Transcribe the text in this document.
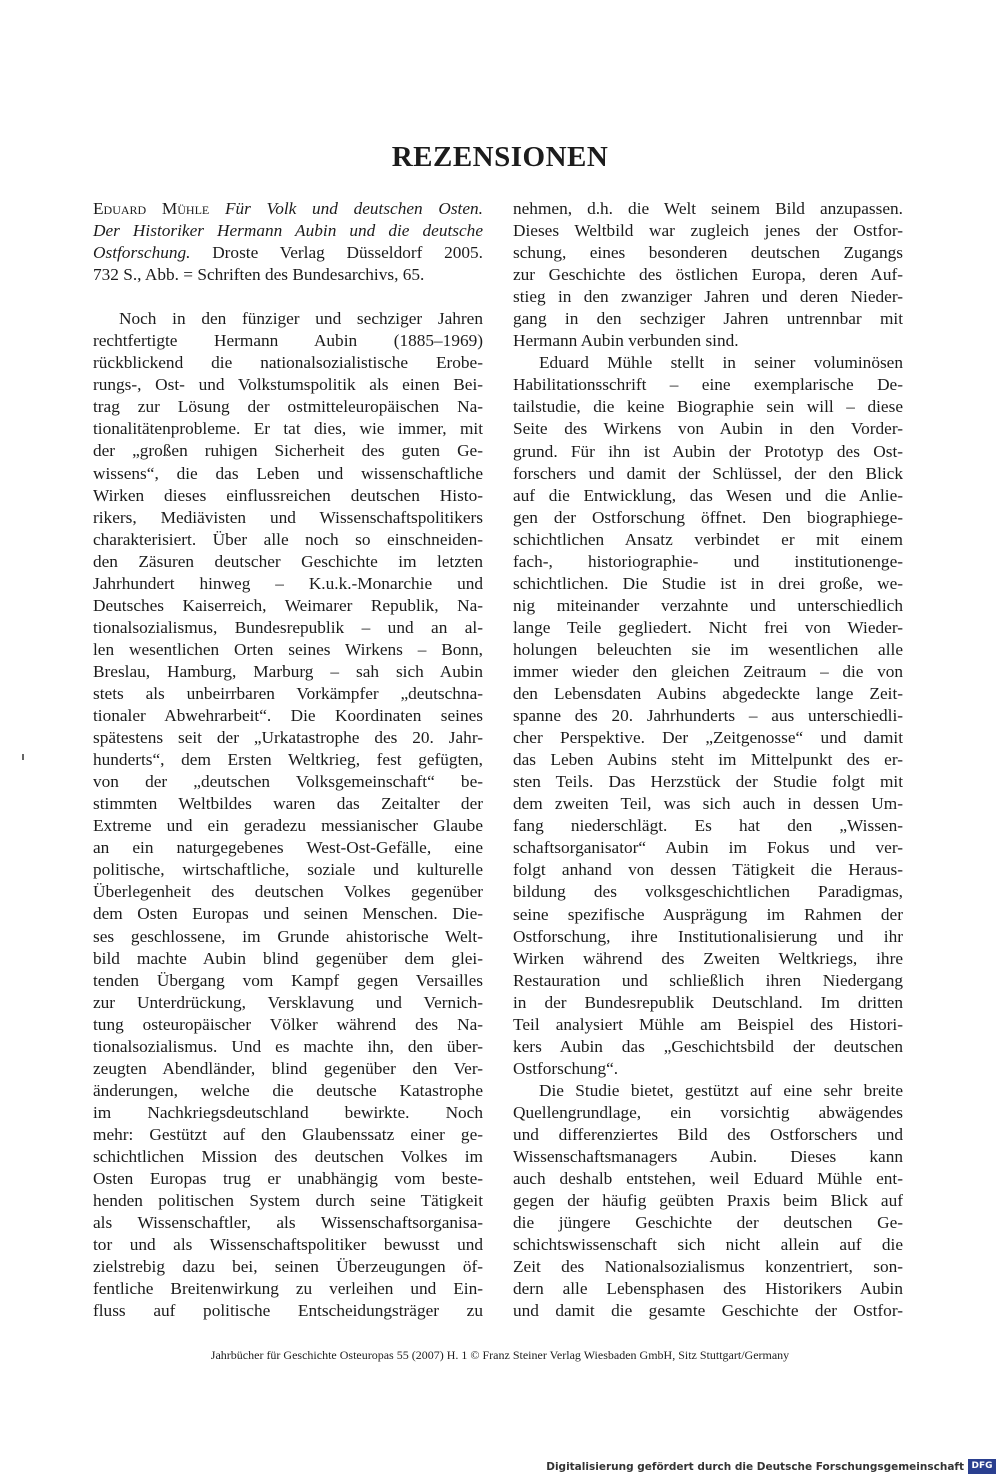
REZENSIONEN
Eduard Mühle Für Volk und deutschen Osten.
Der Historiker Hermann Aubin und die deutsche
Ostforschung. Droste Verlag Düsseldorf 2005.
732 S., Abb. = Schriften des Bundesarchivs, 65.
Noch in den fünziger und sechziger Jahren
rechtfertigte Hermann Aubin (1885–1969)
rückblickend die nationalsozialistische Erobe-
rungs-, Ost- und Volkstumspolitik als einen Bei-
trag zur Lösung der ostmitteleuropäischen Na-
tionalitätenprobleme. Er tat dies, wie immer, mit
der „großen ruhigen Sicherheit des guten Ge-
wissens“, die das Leben und wissenschaftliche
Wirken dieses einflussreichen deutschen Histo-
rikers, Mediävisten und Wissenschaftspolitikers
charakterisiert. Über alle noch so einschneiden-
den Zäsuren deutscher Geschichte im letzten
Jahrhundert hinweg – K.u.k.-Monarchie und
Deutsches Kaiserreich, Weimarer Republik, Na-
tionalsozialismus, Bundesrepublik – und an al-
len wesentlichen Orten seines Wirkens – Bonn,
Breslau, Hamburg, Marburg – sah sich Aubin
stets als unbeirrbaren Vorkämpfer „deutschna-
tionaler Abwehrarbeit“. Die Koordinaten seines
spätestens seit der „Urkatastrophe des 20. Jahr-
hunderts“, dem Ersten Weltkrieg, fest gefügten,
von der „deutschen Volksgemeinschaft“ be-
stimmten Weltbildes waren das Zeitalter der
Extreme und ein geradezu messianischer Glaube
an ein naturgegebenes West-Ost-Gefälle, eine
politische, wirtschaftliche, soziale und kulturelle
Überlegenheit des deutschen Volkes gegenüber
dem Osten Europas und seinen Menschen. Die-
ses geschlossene, im Grunde ahistorische Welt-
bild machte Aubin blind gegenüber dem glei-
tenden Übergang vom Kampf gegen Versailles
zur Unterdrückung, Versklavung und Vernich-
tung osteuropäischer Völker während des Na-
tionalsozialismus. Und es machte ihn, den über-
zeugten Abendländer, blind gegenüber den Ver-
änderungen, welche die deutsche Katastrophe
im Nachkriegsdeutschland bewirkte. Noch
mehr: Gestützt auf den Glaubenssatz einer ge-
schichtlichen Mission des deutschen Volkes im
Osten Europas trug er unabhängig vom beste-
henden politischen System durch seine Tätigkeit
als Wissenschaftler, als Wissenschaftsorganisa-
tor und als Wissenschaftspolitiker bewusst und
zielstrebig dazu bei, seinen Überzeugungen öf-
fentliche Breitenwirkung zu verleihen und Ein-
fluss auf politische Entscheidungsträger zu
nehmen, d.h. die Welt seinem Bild anzupassen.
Dieses Weltbild war zugleich jenes der Ostfor-
schung, eines besonderen deutschen Zugangs
zur Geschichte des östlichen Europa, deren Auf-
stieg in den zwanziger Jahren und deren Nieder-
gang in den sechziger Jahren untrennbar mit
Hermann Aubin verbunden sind.
Eduard Mühle stellt in seiner voluminösen
Habilitationsschrift – eine exemplarische De-
tailstudie, die keine Biographie sein will – diese
Seite des Wirkens von Aubin in den Vorder-
grund. Für ihn ist Aubin der Prototyp des Ost-
forschers und damit der Schlüssel, der den Blick
auf die Entwicklung, das Wesen und die Anlie-
gen der Ostforschung öffnet. Den biographiege-
schichtlichen Ansatz verbindet er mit einem
fach-, historiographie- und institutionenge-
schichtlichen. Die Studie ist in drei große, we-
nig miteinander verzahnte und unterschiedlich
lange Teile gegliedert. Nicht frei von Wieder-
holungen beleuchten sie im wesentlichen alle
immer wieder den gleichen Zeitraum – die von
den Lebensdaten Aubins abgedeckte lange Zeit-
spanne des 20. Jahrhunderts – aus unterschiedli-
cher Perspektive. Der „Zeitgenosse“ und damit
das Leben Aubins steht im Mittelpunkt des er-
sten Teils. Das Herzstück der Studie folgt mit
dem zweiten Teil, was sich auch in dessen Um-
fang niederschlägt. Es hat den „Wissen-
schaftsorganisator“ Aubin im Fokus und ver-
folgt anhand von dessen Tätigkeit die Heraus-
bildung des volksgeschichtlichen Paradigmas,
seine spezifische Ausprägung im Rahmen der
Ostforschung, ihre Institutionalisierung und ihr
Wirken während des Zweiten Weltkriegs, ihre
Restauration und schließlich ihren Niedergang
in der Bundesrepublik Deutschland. Im dritten
Teil analysiert Mühle am Beispiel des Histori-
kers Aubin das „Geschichtsbild der deutschen
Ostforschung“.
Die Studie bietet, gestützt auf eine sehr breite
Quellengrundlage, ein vorsichtig abwägendes
und differenziertes Bild des Ostforschers und
Wissenschaftsmanagers Aubin. Dieses kann
auch deshalb entstehen, weil Eduard Mühle ent-
gegen der häufig geübten Praxis beim Blick auf
die jüngere Geschichte der deutschen Ge-
schichtswissenschaft sich nicht allein auf die
Zeit des Nationalsozialismus konzentriert, son-
dern alle Lebensphasen des Historikers Aubin
und damit die gesamte Geschichte der Ostfor-

Jahrbücher für Geschichte Osteuropas 55 (2007) H. 1 © Franz Steiner Verlag Wiesbaden GmbH, Sitz Stuttgart/Germany

Digitalisierung gefördert durch die Deutsche Forschungsgemeinschaft DFG
